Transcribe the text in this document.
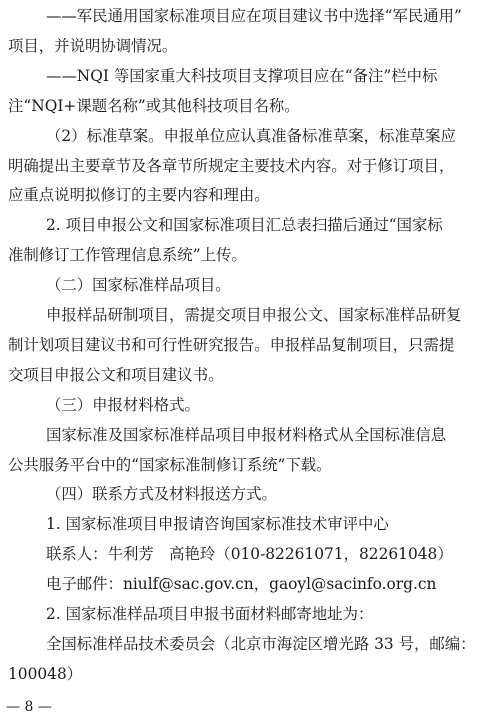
——军民通用国家标准项目应在项目建议书中选择“军民通用”
项目，并说明协调情况。
——NQI 等国家重大科技项目支撑项目应在“备注”栏中标
注“NQI+课题名称”或其他科技项目名称。
（2）标准草案。申报单位应认真准备标准草案，标准草案应
明确提出主要章节及各章节所规定主要技术内容。对于修订项目，
应重点说明拟修订的主要内容和理由。
2. 项目申报公文和国家标准项目汇总表扫描后通过“国家标
准制修订工作管理信息系统”上传。
（二）国家标准样品项目。
申报样品研制项目，需提交项目申报公文、国家标准样品研复
制计划项目建议书和可行性研究报告。申报样品复制项目，只需提
交项目申报公文和项目建议书。
（三）申报材料格式。
国家标准及国家标准样品项目申报材料格式从全国标准信息
公共服务平台中的“国家标准制修订系统”下载。
（四）联系方式及材料报送方式。
1. 国家标准项目申报请咨询国家标准技术审评中心
联系人：牛利芳　高艳玲（010-82261071，82261048）
电子邮件：niulf@sac.gov.cn，gaoyl@sacinfo.org.cn
2. 国家标准样品项目申报书面材料邮寄地址为：
全国标准样品技术委员会（北京市海淀区增光路 33 号，邮编：
100048）
— 8 —
